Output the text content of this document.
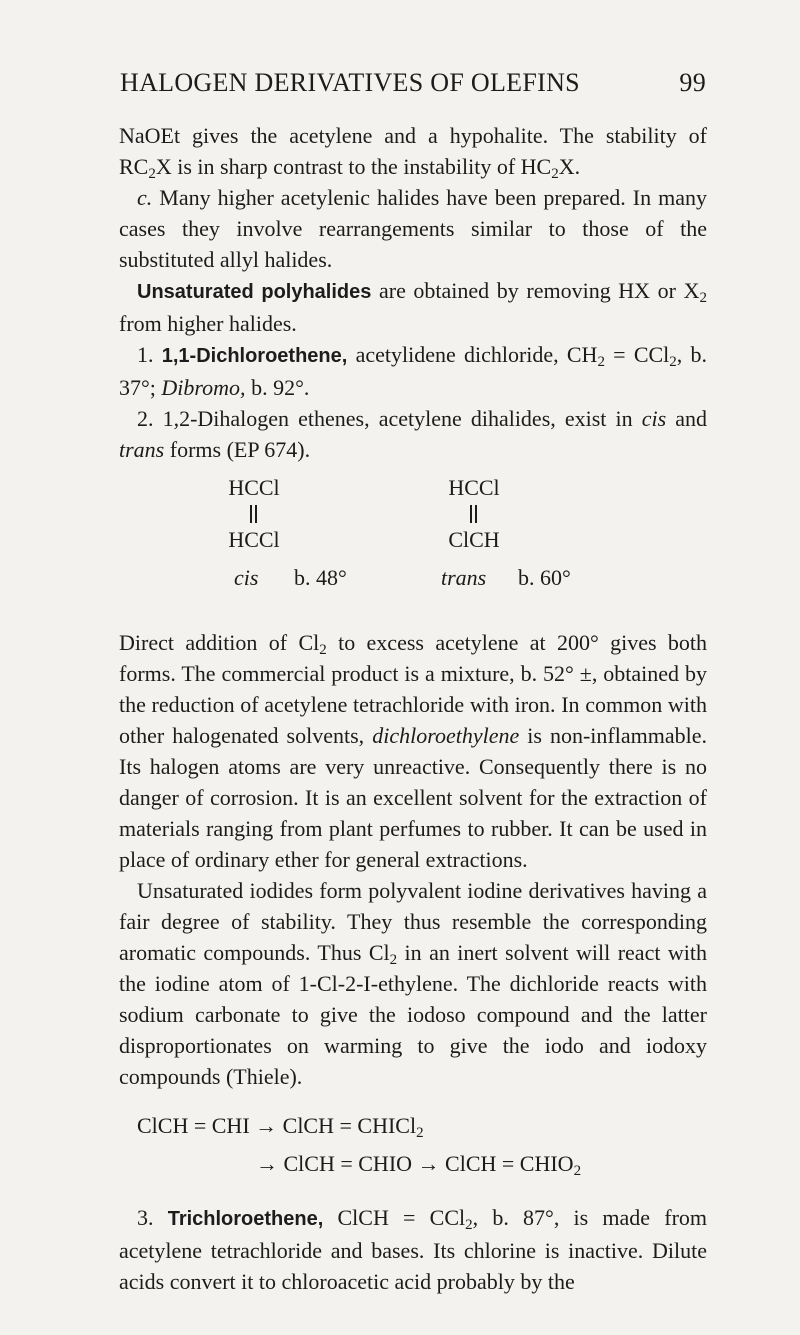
HALOGEN DERIVATIVES OF OLEFINS	99

NaOEt gives the acetylene and a hypohalite. The stability of $RC_2X$ is in sharp contrast to the instability of $HC_2X$.

c. Many higher acetylenic halides have been prepared. In many cases they involve rearrangements similar to those of the substituted allyl halides.

Unsaturated polyhalides are obtained by removing HX or $X_2$ from higher halides.

1. 1,1-Dichloroethene, acetylidene dichloride, $CH_2 = CCl_2$, b. 37°; Dibromo, b. 92°.

2. 1,2-Dihalogen ethenes, acetylene dihalides, exist in cis and trans forms (EP 674).

HCCl
HCCl
cis b. 48°
HCCl
ClCH
trans b. 60°

Direct addition of $Cl_2$ to excess acetylene at 200° gives both forms. The commercial product is a mixture, b. 52° ±, obtained by the reduction of acetylene tetrachloride with iron. In common with other halogenated solvents, dichloroethylene is non-inflammable. Its halogen atoms are very unreactive. Consequently there is no danger of corrosion. It is an excellent solvent for the extraction of materials ranging from plant perfumes to rubber. It can be used in place of ordinary ether for general extractions.

Unsaturated iodides form polyvalent iodine derivatives having a fair degree of stability. They thus resemble the corresponding aromatic compounds. Thus $Cl_2$ in an inert solvent will react with the iodine atom of 1-Cl-2-I-ethylene. The dichloride reacts with sodium carbonate to give the iodoso compound and the latter disproportionates on warming to give the iodo and iodoxy compounds (Thiele).

ClCH = CHI → ClCH = CHICl$_2$
→ ClCH = CHIO → ClCH = $CHIO_2$

3. Trichloroethene, ClCH = CCl$_2$, b. 87°, is made from acetylene tetrachloride and bases. Its chlorine is inactive. Dilute acids convert it to chloroacetic acid probably by the
